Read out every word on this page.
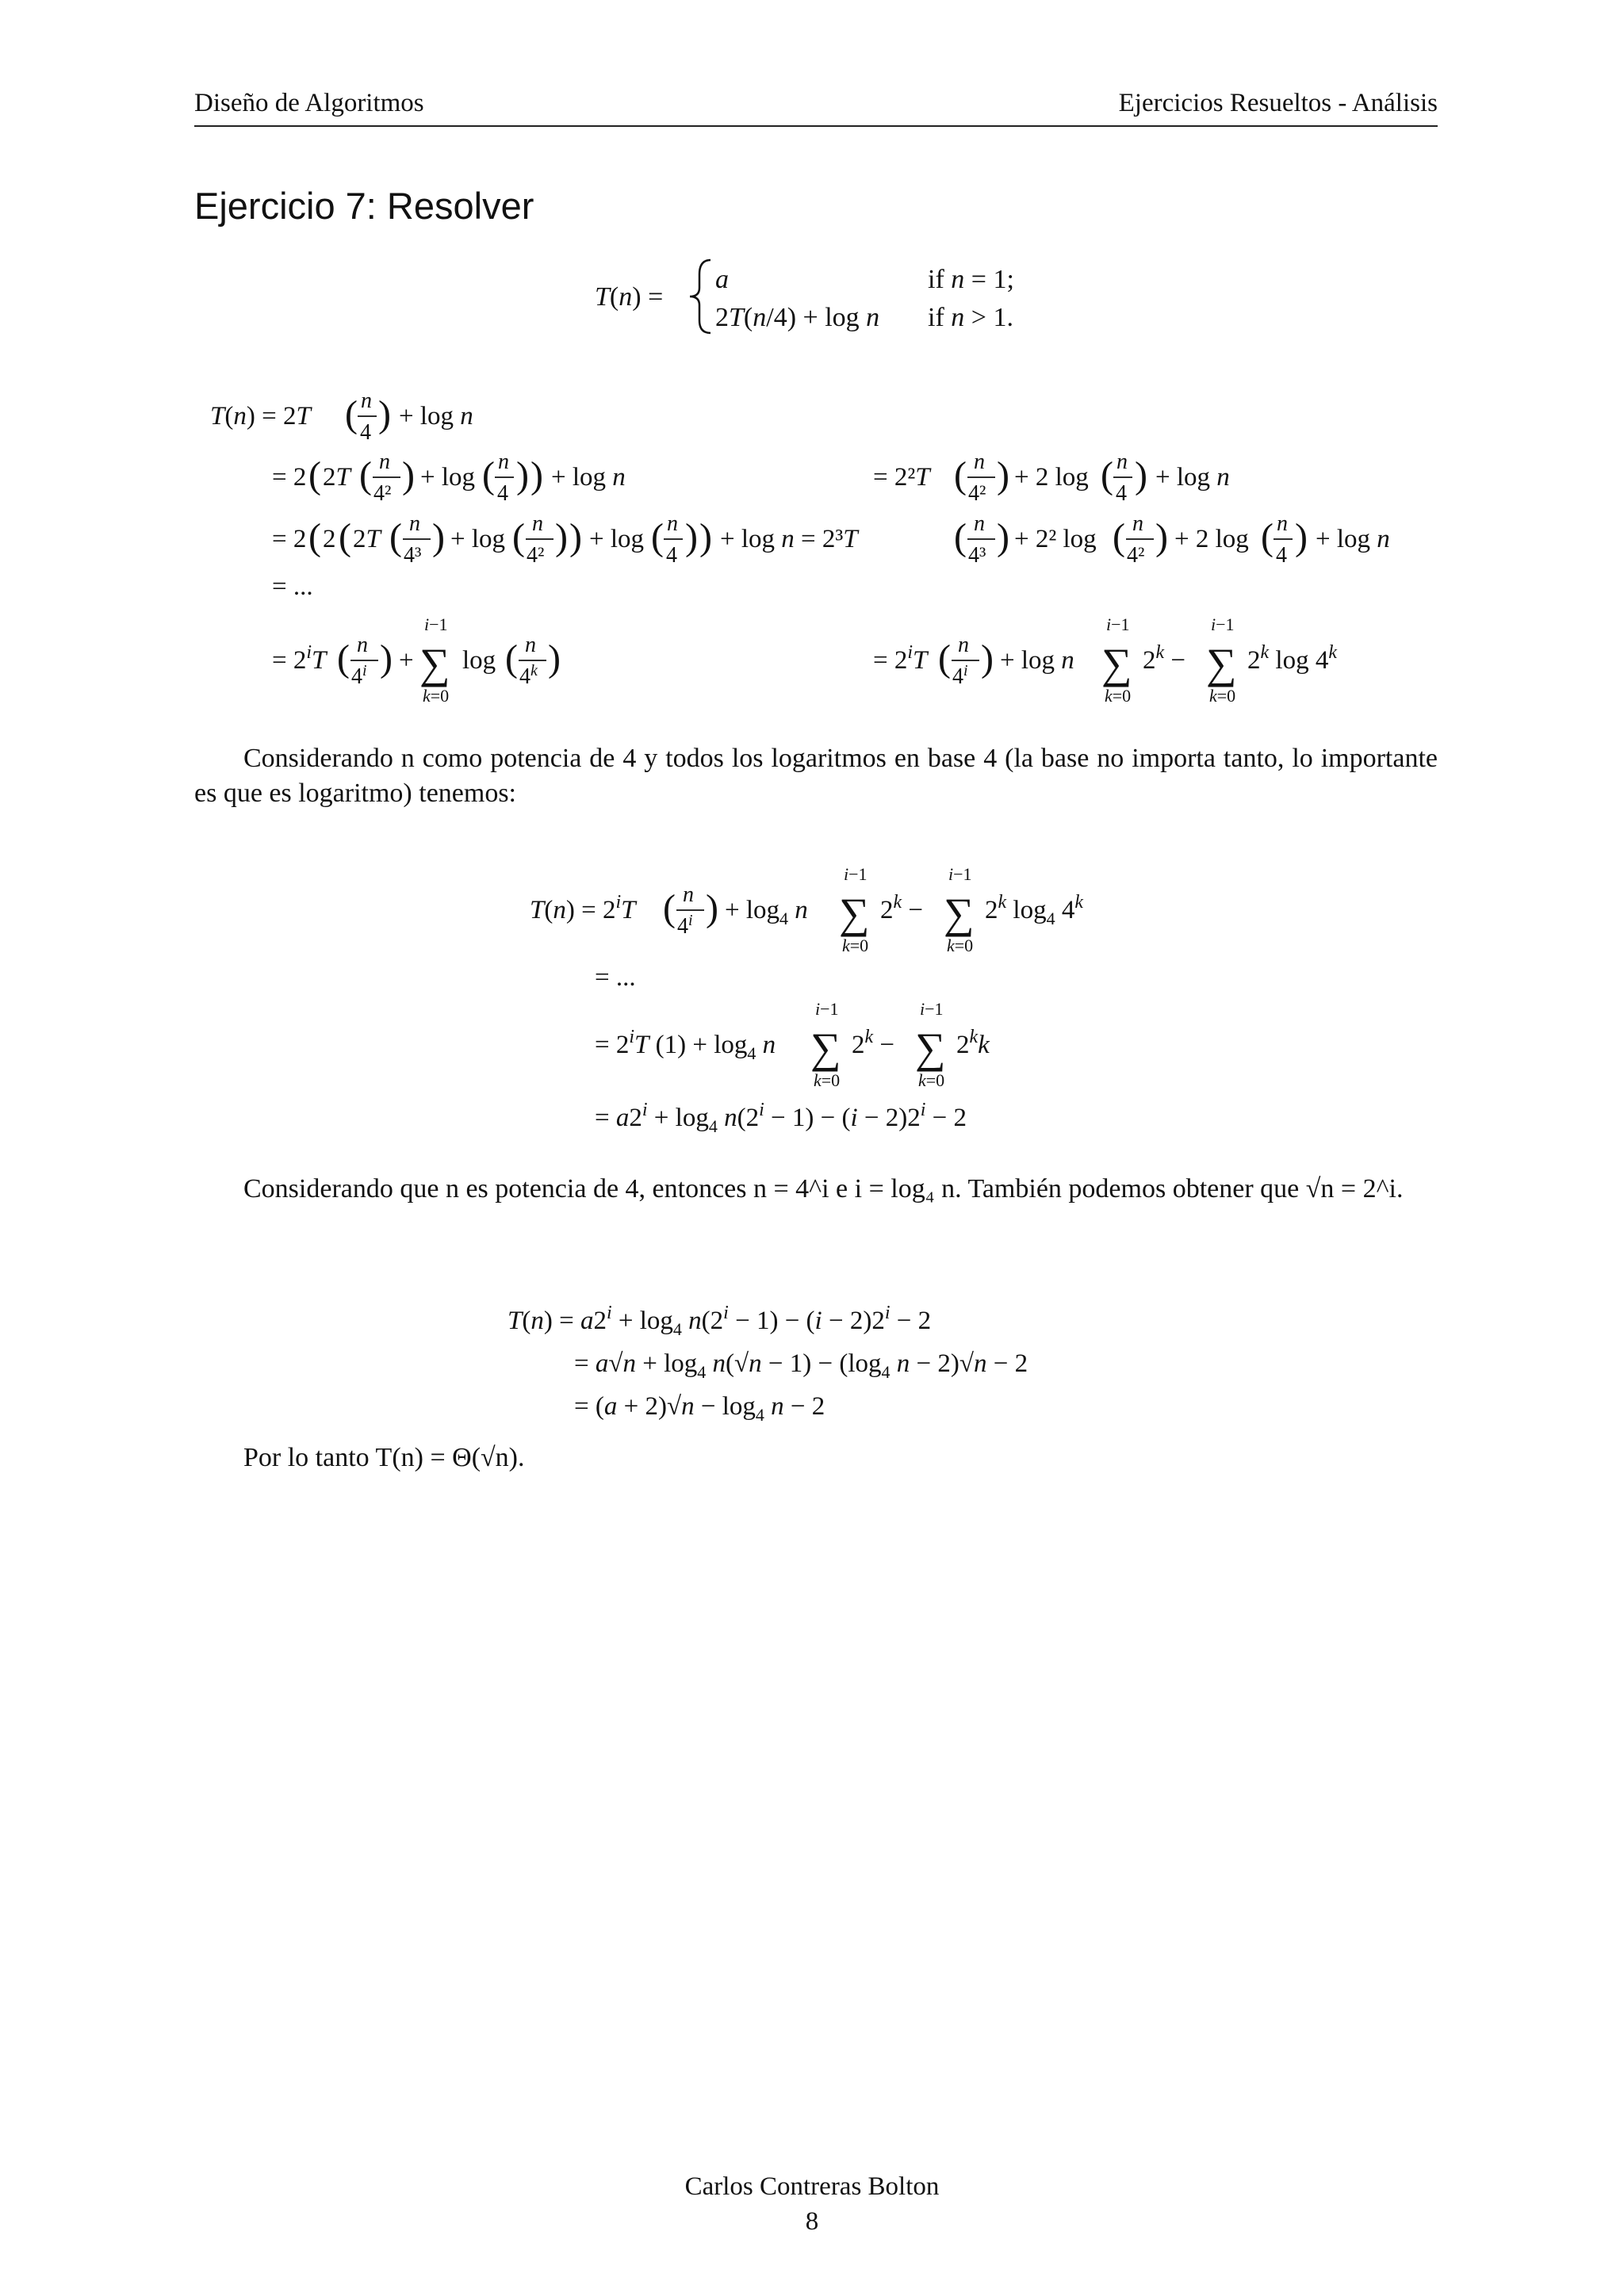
Diseño de Algoritmos	Ejercicios Resueltos - Análisis
Ejercicio 7: Resolver
T(n) =
a	if n = 1;
2T(n/4) + log n if n > 1.
T(n) = 2T ( n
4 ) + log n
= 2 ( 2T ( n
4² ) + log ( n
4 ) ) + log n	= 2²T ( n
4² ) + 2 log ( n
4 ) + log n
= 2 ( 2 ( 2T ( n
4³ ) + log ( n
4² ) ) + log ( n
4 ) ) + log n = 2³T	( n
4³ ) + 2² log ( n
4² ) + 2 log ( n
4 ) + log n
= ...
= $2^iT$ ( n
4$^i$ ) +
i−1
∑
k=0
log ( n
4$^k$ )	= $2^iT$ ( n
4$^i$ ) + log n
i−1
∑
k=0
$2^k$ −
i−1
∑
k=0
2$^k$ log 4$^k$

Considerando n como potencia de 4 y todos los logaritmos en base 4 (la base no importa tanto, lo importante es que es logaritmo) tenemos:

$T(n) = 2^iT$ ( n
4$^i$ ) + $\log_4 n$
i−1
∑
k=0
$2^k$ −
i−1
∑
k=0
2$^k$ $\log_4 4^k$
= ...
= $2^iT$ $(1) + \log_4 n$
i−1
∑
k=0
$2^k$ −
i−1
∑
k=0
$2^kk$
= $a2^i + \log_4 n(2^i - 1) - (i - 2)2^i - 2$

Considerando que n es potencia de 4, entonces n = 4^i e i = log₄ n. También podemos obtener que √n = 2^i.

$T(n) = a2^i + \log_4 n(2^i - 1) - (i - 2)2^i - 2$
= $a√n + \log_4 n(√n - 1) - (\log_4$ n − 2)√n − 2
= $(a + 2)√n - \log_4 n - 2$
Por lo tanto T(n) = Θ(√n).
Carlos Contreras Bolton
8
